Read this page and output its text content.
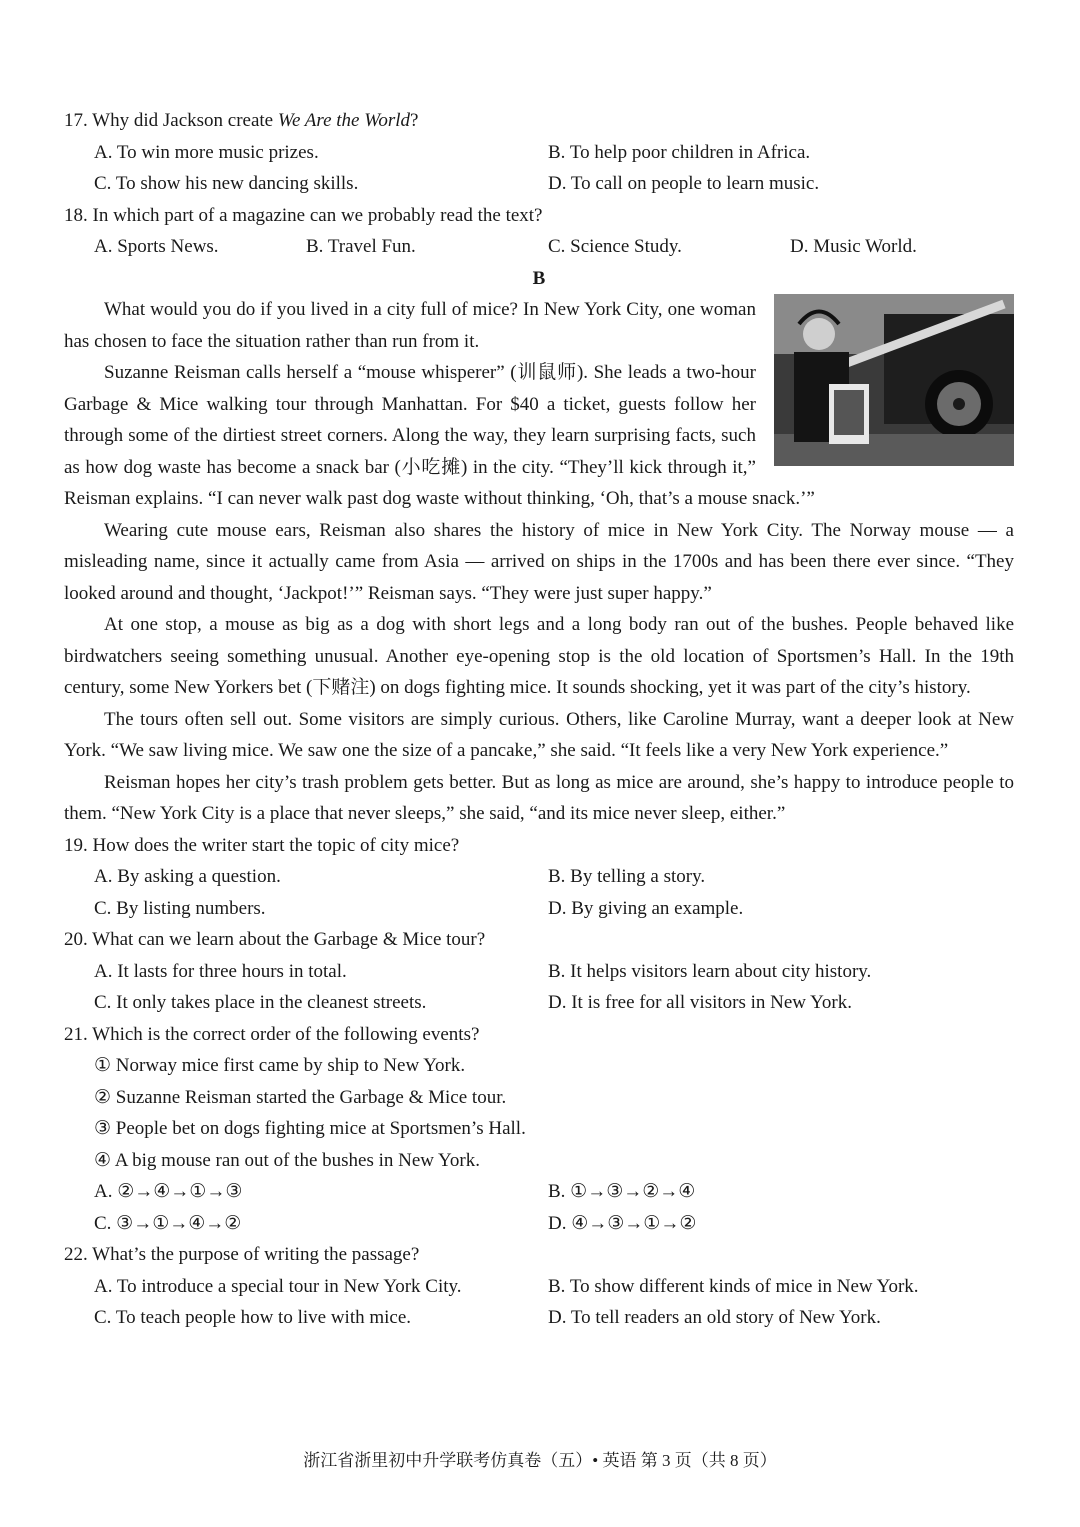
17. Why did Jackson create We Are the World?

A. To win more music prizes.	B. To help poor children in Africa.
C. To show his new dancing skills.	D. To call on people to learn music.

18. In which part of a magazine can we probably read the text?

A. Sports News.	B. Travel Fun.	C. Science Study.	D. Music World.

B

What would you do if you lived in a city full of mice? In New York City, one woman has chosen to face the situation rather than run from it.

Suzanne Reisman calls herself a “mouse whisperer” (训鼠师). She leads a two-hour Garbage & Mice walking tour through Manhattan. For $40 a ticket, guests follow her through some of the dirtiest street corners. Along the way, they learn surprising facts, such as how dog waste has become a snack bar (小吃摊) in the city. “They’ll kick through it,” Reisman explains. “I can never walk past dog waste without thinking, ‘Oh, that’s a mouse snack.’”

Wearing cute mouse ears, Reisman also shares the history of mice in New York City. The Norway mouse — a misleading name, since it actually came from Asia — arrived on ships in the 1700s and has been there ever since. “They looked around and thought, ‘Jackpot!’” Reisman says. “They were just super happy.”

At one stop, a mouse as big as a dog with short legs and a long body ran out of the bushes. People behaved like birdwatchers seeing something unusual. Another eye-opening stop is the old location of Sportsmen’s Hall. In the 19th century, some New Yorkers bet (下赌注) on dogs fighting mice. It sounds shocking, yet it was part of the city’s history.

The tours often sell out. Some visitors are simply curious. Others, like Caroline Murray, want a deeper look at New York. “We saw living mice. We saw one the size of a pancake,” she said. “It feels like a very New York experience.”

Reisman hopes her city’s trash problem gets better. But as long as mice are around, she’s happy to introduce people to them. “New York City is a place that never sleeps,” she said, “and its mice never sleep, either.”

19. How does the writer start the topic of city mice?

A. By asking a question.	B. By telling a story.
C. By listing numbers.	D. By giving an example.

20. What can we learn about the Garbage & Mice tour?

A. It lasts for three hours in total.	B. It helps visitors learn about city history.
C. It only takes place in the cleanest streets.	D. It is free for all visitors in New York.

21. Which is the correct order of the following events?

① Norway mice first came by ship to New York.
② Suzanne Reisman started the Garbage & Mice tour.
③ People bet on dogs fighting mice at Sportsmen’s Hall.
④ A big mouse ran out of the bushes in New York.
A. ②→④→①→③	B. ①→③→②→④
C. ③→①→④→②	D. ④→③→①→②

22. What’s the purpose of writing the passage?

A. To introduce a special tour in New York City.	B. To show different kinds of mice in New York.
C. To teach people how to live with mice.	D. To tell readers an old story of New York.
浙江省浙里初中升学联考仿真卷（五）• 英语 第 3 页（共 8 页）
